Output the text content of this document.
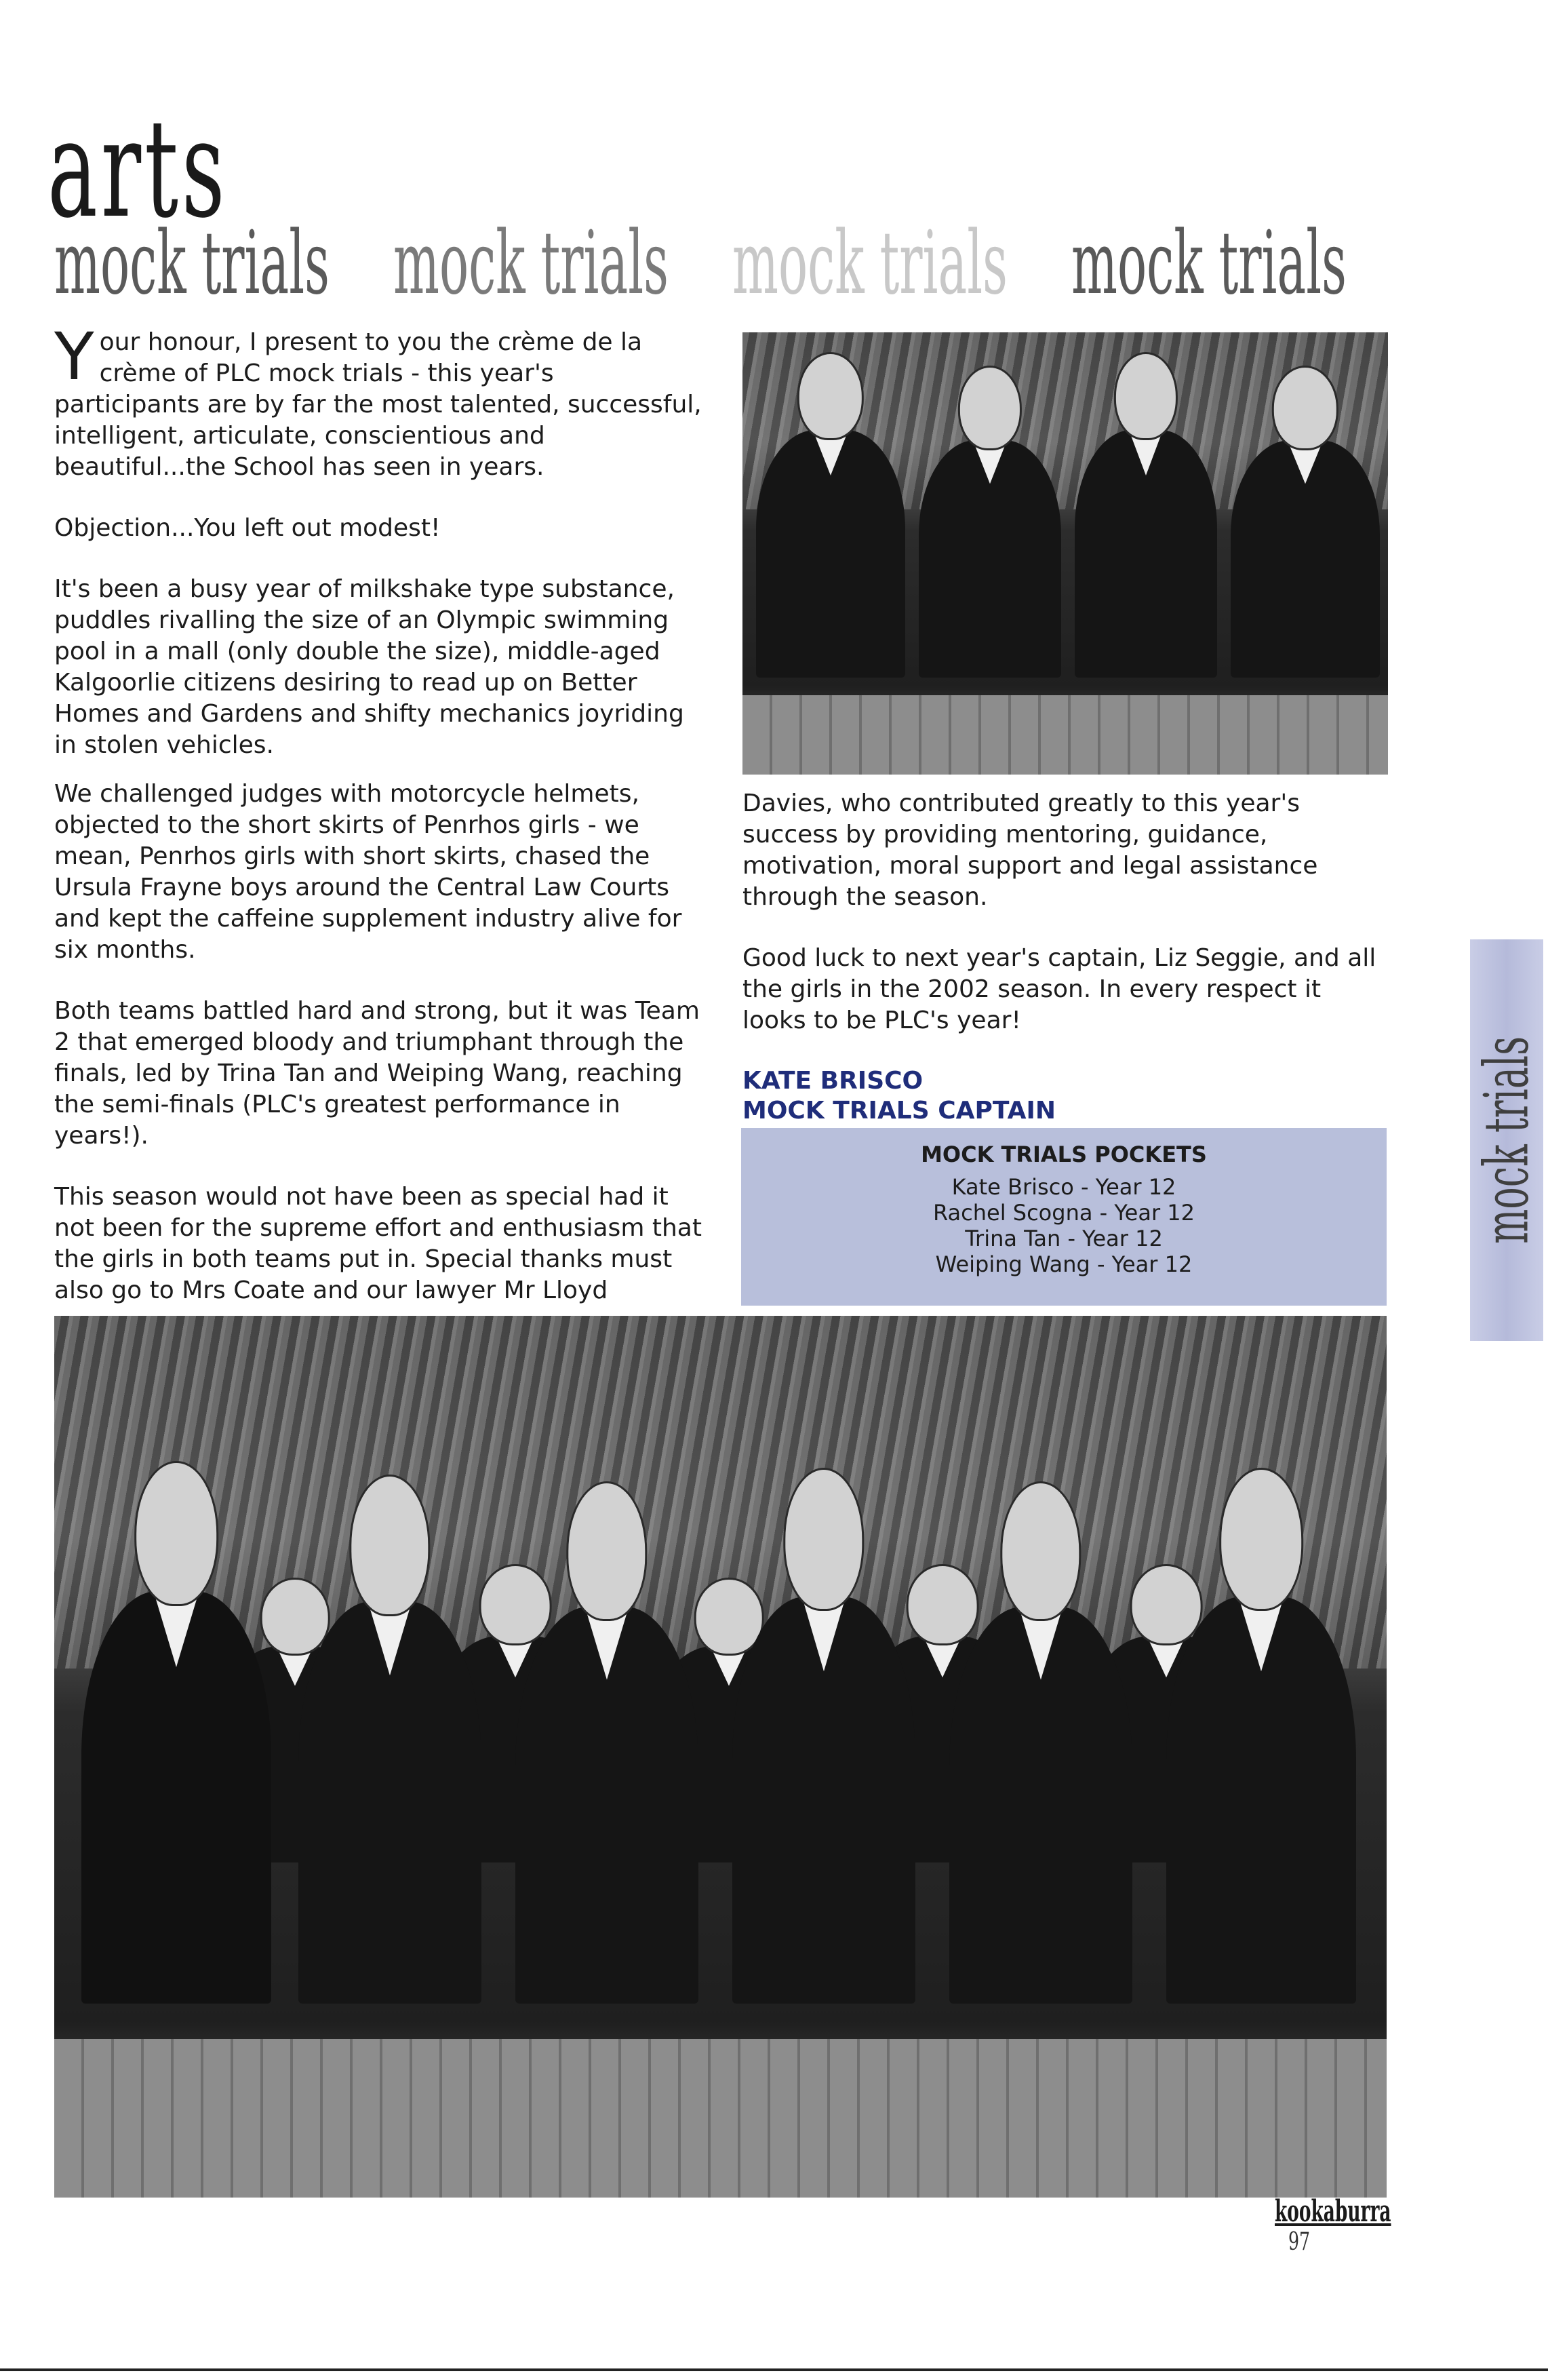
arts
mock trials mock trials mock trials mock trials

Y our honour, I present to you the crème de la crème of PLC mock trials - this year's participants are by far the most talented, successful, intelligent, articulate, conscientious and beautiful...the School has seen in years.

Objection...You left out modest!

It's been a busy year of milkshake type substance, puddles rivalling the size of an Olympic swimming pool in a mall (only double the size), middle-aged Kalgoorlie citizens desiring to read up on Better Homes and Gardens and shifty mechanics joyriding in stolen vehicles.

We challenged judges with motorcycle helmets, objected to the short skirts of Penrhos girls - we mean, Penrhos girls with short skirts, chased the Ursula Frayne boys around the Central Law Courts and kept the caffeine supplement industry alive for six months.

Both teams battled hard and strong, but it was Team 2 that emerged bloody and triumphant through the finals, led by Trina Tan and Weiping Wang, reaching the semi-finals (PLC's greatest performance in years!).

This season would not have been as special had it not been for the supreme effort and enthusiasm that the girls in both teams put in. Special thanks must also go to Mrs Coate and our lawyer Mr Lloyd

Davies, who contributed greatly to this year's success by providing mentoring, guidance, motivation, moral support and legal assistance through the season.

Good luck to next year's captain, Liz Seggie, and all the girls in the 2002 season. In every respect it looks to be PLC's year!

KATE BRISCO
MOCK TRIALS CAPTAIN
MOCK TRIALS POCKETS

Kate Brisco - Year 12

Rachel Scogna - Year 12

Trina Tan - Year 12

Weiping Wang - Year 12

mock trials
kookaburra
97
